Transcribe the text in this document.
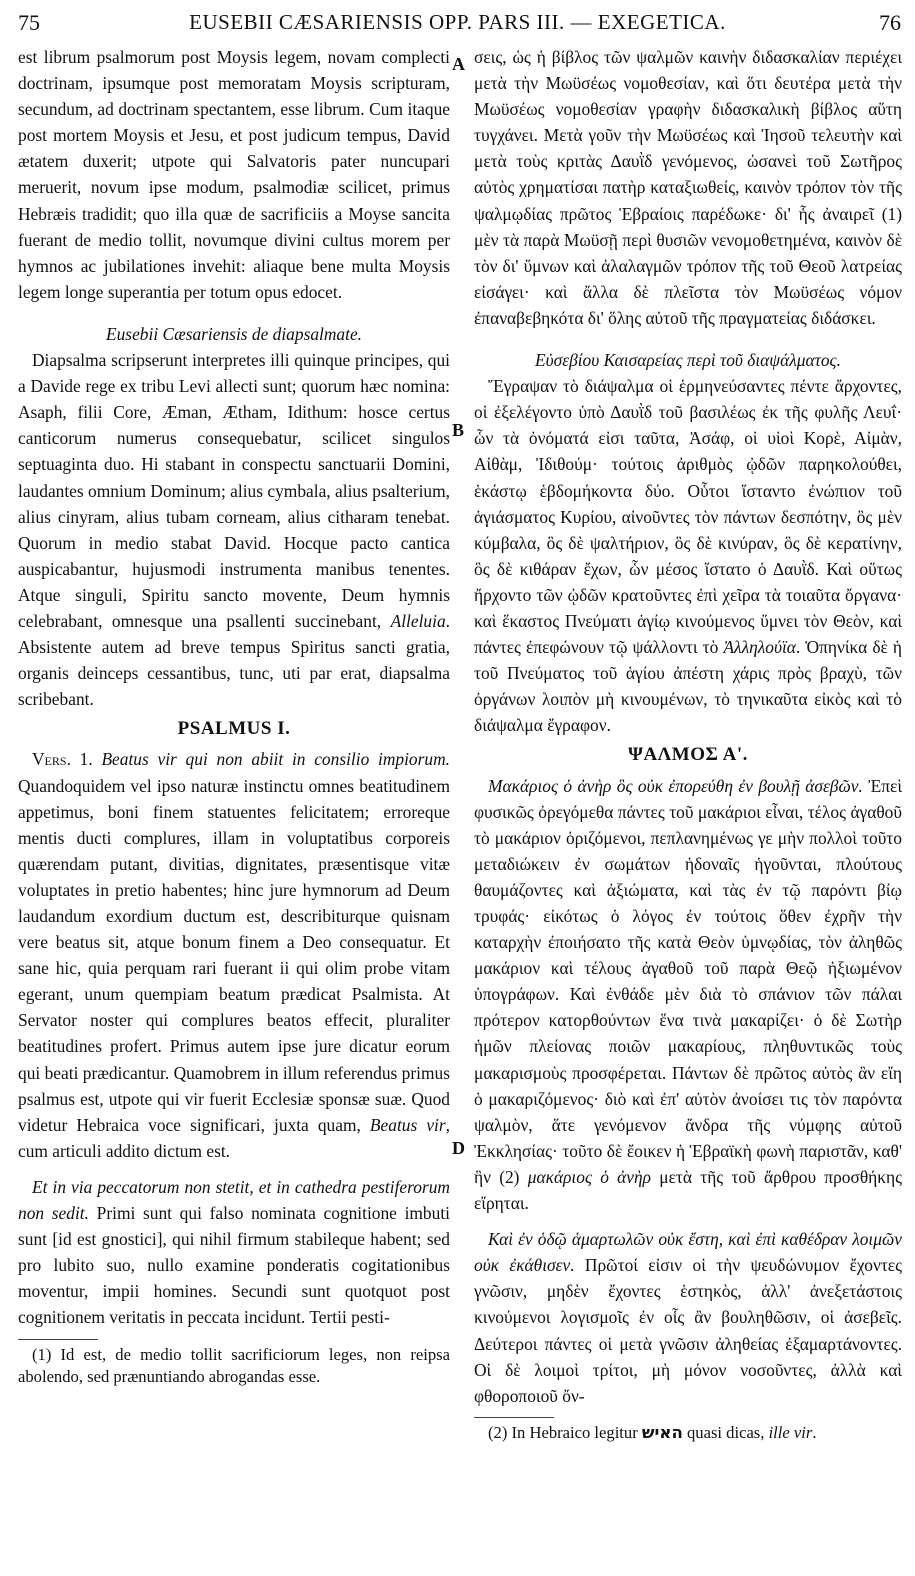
75	EUSEBII CÆSARIENSIS OPP. PARS III. — EXEGETICA.	76
A
B
D

est librum psalmorum post Moysis legem, novam complecti doctrinam, ipsumque post memoratam Moysis scripturam, secundum, ad doctrinam spectantem, esse librum. Cum itaque post mortem Moysis et Jesu, et post judicum tempus, David ætatem duxerit; utpote qui Salvatoris pater nuncupari meruerit, novum ipse modum, psalmodiæ scilicet, primus Hebræis tradidit; quo illa quæ de sacrificiis a Moyse sancita fuerant de medio tollit, novumque divini cultus morem per hymnos ac jubilationes invehit: aliaque bene multa Moysis legem longe superantia per totum opus edocet.

Eusebii Cæsariensis de diapsalmate.

Diapsalma scripserunt interpretes illi quinque principes, qui a Davide rege ex tribu Levi allecti sunt; quorum hæc nomina: Asaph, filii Core, Æman, Ætham, Idithum: hosce certus canticorum numerus consequebatur, scilicet singulos septuaginta duo. Hi stabant in conspectu sanctuarii Domini, laudantes omnium Dominum; alius cymbala, alius psalterium, alius cinyram, alius tubam corneam, alius citharam tenebat. Quorum in medio stabat David. Hocque pacto cantica auspicabantur, hujusmodi instrumenta manibus tenentes. Atque singuli, Spiritu sancto movente, Deum hymnis celebrabant, omnesque una psallenti succinebant, Alleluia. Absistente autem ad breve tempus Spiritus sancti gratia, organis deinceps cessantibus, tunc, uti par erat, diapsalma scribebant.

PSALMUS I.

Vers. 1. Beatus vir qui non abiit in consilio impiorum. Quandoquidem vel ipso naturæ instinctu omnes beatitudinem appetimus, boni finem statuentes felicitatem; erroreque mentis ducti complures, illam in voluptatibus corporeis quærendam putant, divitias, dignitates, præsentisque vitæ voluptates in pretio habentes; hinc jure hymnorum ad Deum laudandum exordium ductum est, describiturque quisnam vere beatus sit, atque bonum finem a Deo consequatur. Et sane hic, quia perquam rari fuerant ii qui olim probe vitam egerant, unum quempiam beatum prædicat Psalmista. At Servator noster qui complures beatos effecit, pluraliter beatitudines profert. Primus autem ipse jure dicatur eorum qui beati prædicantur. Quamobrem in illum referendus primus psalmus est, utpote qui vir fuerit Ecclesiæ sponsæ suæ. Quod videtur Hebraica voce significari, juxta quam, Beatus vir, cum articuli addito dictum est.

Et in via peccatorum non stetit, et in cathedra pestiferorum non sedit. Primi sunt qui falso nominata cognitione imbuti sunt [id est gnostici], qui nihil firmum stabileque habent; sed pro lubito suo, nullo examine ponderatis cogitationibus moventur, impii homines. Secundi sunt quotquot post cognitionem veritatis in peccata incidunt. Tertii pesti-

(1) Id est, de medio tollit sacrificiorum leges, non reipsa abolendo, sed prænuntiando abrogandas esse.

σεις, ὡς ἡ βίβλος τῶν ψαλμῶν καινὴν διδασκαλίαν περιέχει μετὰ τὴν Μωϋσέως νομοθεσίαν, καὶ ὅτι δευτέρα μετὰ τὴν Μωϋσέως νομοθεσίαν γραφὴν διδασκαλικὴ βίβλος αὕτη τυγχάνει. Μετὰ γοῦν τὴν Μωϋσέως καὶ Ἰησοῦ τελευτὴν καὶ μετὰ τοὺς κριτὰς Δαυῒδ γενόμενος, ὡσανεὶ τοῦ Σωτῆρος αὐτὸς χρηματίσαι πατὴρ καταξιωθείς, καινὸν τρόπον τὸν τῆς ψαλμῳδίας πρῶτος Ἑβραίοις παρέδωκε· δι' ἧς ἀναιρεῖ (1) μὲν τὰ παρὰ Μωϋσῇ περὶ θυσιῶν νενομοθετημένα, καινὸν δὲ τὸν δι' ὕμνων καὶ ἀλαλαγμῶν τρόπον τῆς τοῦ Θεοῦ λατρείας εἰσάγει· καὶ ἄλλα δὲ πλεῖστα τὸν Μωϋσέως νόμον ἐπαναβεβηκότα δι' ὅλης αὐτοῦ τῆς πραγματείας διδάσκει.

Εὐσεβίου Καισαρείας περὶ τοῦ διαψάλματος.

Ἔγραψαν τὸ διάψαλμα οἱ ἑρμηνεύσαντες πέντε ἄρχοντες, οἱ ἐξελέγοντο ὑπὸ Δαυῒδ τοῦ βασιλέως ἐκ τῆς φυλῆς Λευΐ· ὧν τὰ ὀνόματά εἰσι ταῦτα, Ἀσάφ, οἱ υἱοὶ Κορὲ, Αἰμὰν, Αἰθὰμ, Ἰδιθούμ· τούτοις ἀριθμὸς ᾠδῶν παρηκολούθει, ἑκάστῳ ἑβδομήκοντα δύο. Οὗτοι ἵσταντο ἐνώπιον τοῦ ἁγιάσματος Κυρίου, αἰνοῦντες τὸν πάντων δεσπότην, ὃς μὲν κύμβαλα, ὃς δὲ ψαλτήριον, ὃς δὲ κινύραν, ὃς δὲ κερατίνην, ὃς δὲ κιθάραν ἔχων, ὧν μέσος ἵστατο ὁ Δαυῒδ. Καὶ οὕτως ἤρχοντο τῶν ᾠδῶν κρατοῦντες ἐπὶ χεῖρα τὰ τοιαῦτα ὄργανα· καὶ ἕκαστος Πνεύματι ἁγίῳ κινούμενος ὕμνει τὸν Θεὸν, καὶ πάντες ἐπεφώνουν τῷ ψάλλοντι τὸ Ἀλληλούϊα. Ὁπηνίκα δὲ ἡ τοῦ Πνεύματος τοῦ ἁγίου ἀπέστη χάρις πρὸς βραχὺ, τῶν ὀργάνων λοιπὸν μὴ κινουμένων, τὸ τηνικαῦτα εἰκὸς καὶ τὸ διάψαλμα ἔγραφον.

ΨΑΛΜΟΣ Α'.

Μακάριος ὁ ἀνὴρ ὃς οὐκ ἐπορεύθη ἐν βουλῇ ἀσεβῶν. Ἐπεὶ φυσικῶς ὀρεγόμεθα πάντες τοῦ μακάριοι εἶναι, τέλος ἀγαθοῦ τὸ μακάριον ὁριζόμενοι, πεπλανημένως γε μὴν πολλοὶ τοῦτο μεταδιώκειν ἐν σωμάτων ἡδοναῖς ἡγοῦνται, πλούτους θαυμάζοντες καὶ ἀξιώματα, καὶ τὰς ἐν τῷ παρόντι βίῳ τρυφάς· εἰκότως ὁ λόγος ἐν τούτοις ὅθεν ἐχρῆν τὴν καταρχὴν ἐποιήσατο τῆς κατὰ Θεὸν ὑμνῳδίας, τὸν ἀληθῶς μακάριον καὶ τέλους ἀγαθοῦ τοῦ παρὰ Θεῷ ἠξιωμένον ὑπογράφων. Καὶ ἐνθάδε μὲν διὰ τὸ σπάνιον τῶν πάλαι πρότερον κατορθούντων ἕνα τινὰ μακαρίζει· ὁ δὲ Σωτὴρ ἡμῶν πλείονας ποιῶν μακαρίους, πληθυντικῶς τοὺς μακαρισμοὺς προσφέρεται. Πάντων δὲ πρῶτος αὐτὸς ἂν εἴη ὁ μακαριζόμενος· διὸ καὶ ἐπ' αὐτὸν ἀνοίσει τις τὸν παρόντα ψαλμὸν, ἅτε γενόμενον ἄνδρα τῆς νύμφης αὐτοῦ Ἐκκλησίας· τοῦτο δὲ ἔοικεν ἡ Ἑβραϊκὴ φωνὴ παριστᾶν, καθ' ἣν (2) μακάριος ὁ ἀνὴρ μετὰ τῆς τοῦ ἄρθρου προσθήκης εἴρηται.

Καὶ ἐν ὁδῷ ἁμαρτωλῶν οὐκ ἔστη, καὶ ἐπὶ καθέδραν λοιμῶν οὐκ ἐκάθισεν. Πρῶτοί εἰσιν οἱ τὴν ψευδώνυμον ἔχοντες γνῶσιν, μηδὲν ἔχοντες ἑστηκὸς, ἀλλ' ἀνεξετάστοις κινούμενοι λογισμοῖς ἐν οἷς ἂν βουληθῶσιν, οἱ ἀσεβεῖς. Δεύτεροι πάντες οἱ μετὰ γνῶσιν ἀληθείας ἐξαμαρτάνοντες. Οἱ δὲ λοιμοὶ τρίτοι, μὴ μόνον νοσοῦντες, ἀλλὰ καὶ φθοροποιοῦ ὄν-

(2) In Hebraico legitur האיש quasi dicas, ille vir.
